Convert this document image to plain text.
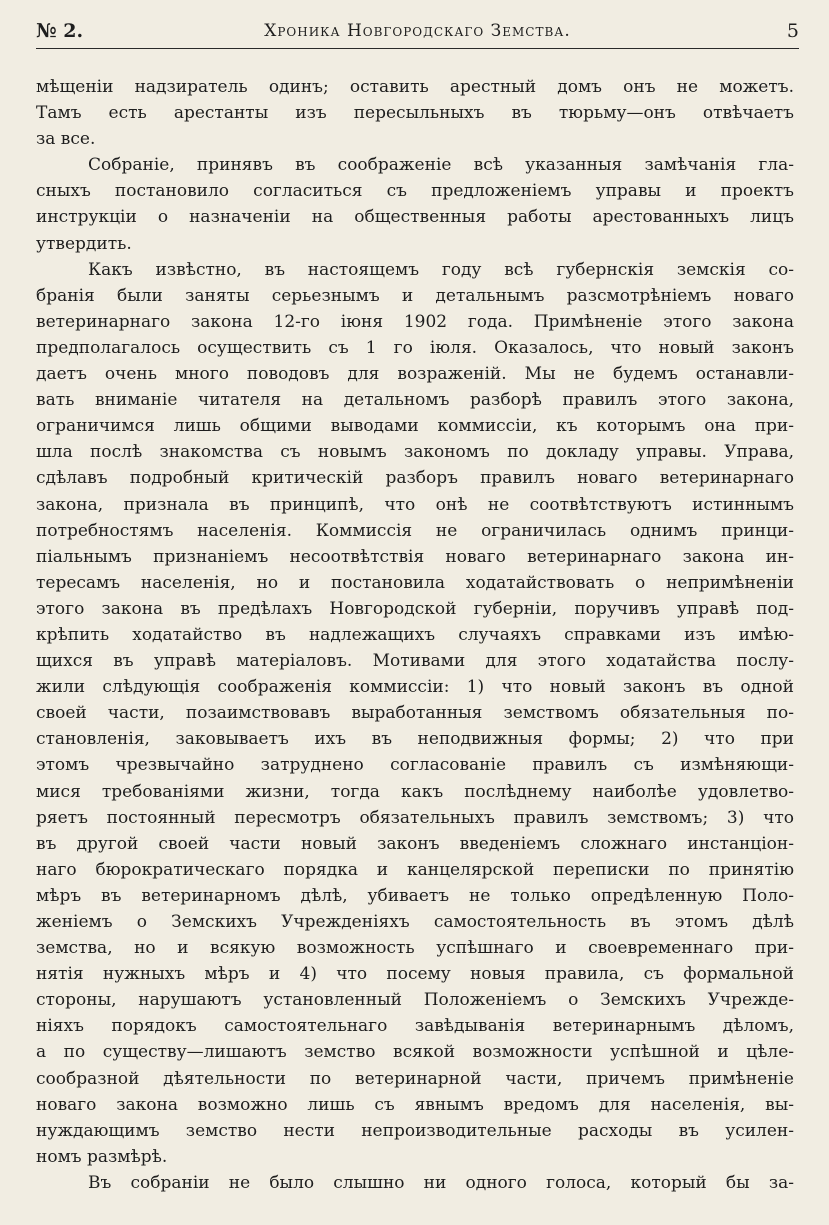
№ 2.	Хроника Новгородскаго Земства.	5
мѣщеніи надзиратель одинъ; оставить арестный домъ онъ не можетъ.
Тамъ есть арестанты изъ пересыльныхъ въ тюрьму—онъ отвѣчаетъ
за все.
Собраніе, принявъ въ соображеніе всѣ указанныя замѣчанія гла-
сныхъ постановило согласиться съ предложеніемъ управы и проектъ
инструкціи о назначеніи на общественныя работы арестованныхъ лицъ
утвердить.
Какъ извѣстно, въ настоящемъ году всѣ губернскія земскія со-
бранія были заняты серьезнымъ и детальнымъ разсмотрѣніемъ новаго
ветеринарнаго закона 12-го іюня 1902 года. Примѣненіе этого закона
предполагалось осуществить съ 1 го іюля. Оказалось, что новый законъ
даетъ очень много поводовъ для возраженій. Мы не будемъ останавли-
вать вниманіе читателя на детальномъ разборѣ правилъ этого закона,
ограничимся лишь общими выводами коммиссіи, къ которымъ она при-
шла послѣ знакомства съ новымъ закономъ по докладу управы. Управа,
сдѣлавъ подробный критическій разборъ правилъ новаго ветеринарнаго
закона, признала въ принципѣ, что онѣ не соотвѣтствуютъ истиннымъ
потребностямъ населенія. Коммиссія не ограничилась однимъ принци-
піальнымъ признаніемъ несоотвѣтствія новаго ветеринарнаго закона ин-
тересамъ населенія, но и постановила ходатайствовать о непримѣненіи
этого закона въ предѣлахъ Новгородской губерніи, поручивъ управѣ под-
крѣпить ходатайство въ надлежащихъ случаяхъ справками изъ имѣю-
щихся въ управѣ матеріаловъ. Мотивами для этого ходатайства послу-
жили слѣдующія соображенія коммиссіи: 1) что новый законъ въ одной
своей части, позаимствовавъ выработанныя земствомъ обязательныя по-
становленія, заковываетъ ихъ въ неподвижныя формы; 2) что при
этомъ чрезвычайно затруднено согласованіе правилъ съ измѣняющи-
мися требованіями жизни, тогда какъ послѣднему наиболѣе удовлетво-
ряетъ постоянный пересмотръ обязательныхъ правилъ земствомъ; 3) что
въ другой своей части новый законъ введеніемъ сложнаго инстанціон-
наго бюрократическаго порядка и канцелярской переписки по принятію
мѣръ въ ветеринарномъ дѣлѣ, убиваетъ не только опредѣленную Поло-
женіемъ о Земскихъ Учрежденіяхъ самостоятельность въ этомъ дѣлѣ
земства, но и всякую возможность успѣшнаго и своевременнаго при-
нятія нужныхъ мѣръ и 4) что посему новыя правила, съ формальной
стороны, нарушаютъ установленный Положеніемъ о Земскихъ Учрежде-
ніяхъ порядокъ самостоятельнаго завѣдыванія ветеринарнымъ дѣломъ,
а по существу—лишаютъ земство всякой возможности успѣшной и цѣле-
сообразной дѣятельности по ветеринарной части, причемъ примѣненіе
новаго закона возможно лишь съ явнымъ вредомъ для населенія, вы-
нуждающимъ земство нести непроизводительные расходы въ усилен-
номъ размѣрѣ.
Въ собраніи не было слышно ни одного голоса, который бы за-
